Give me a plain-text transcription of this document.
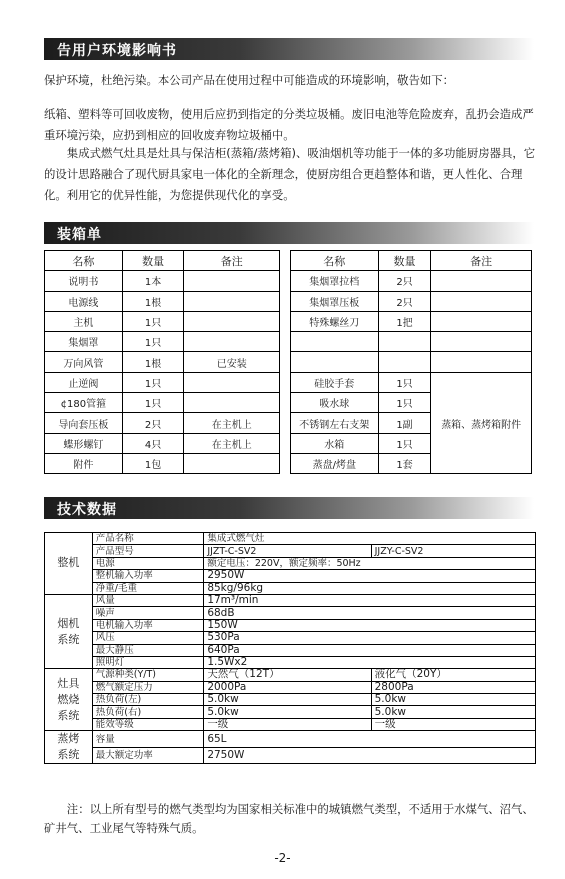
告用户环境影响书
保护环境，杜绝污染。本公司产品在使用过程中可能造成的环境影响，敬告如下：
纸箱、塑料等可回收废物，使用后应扔到指定的分类垃圾桶。废旧电池等危险废弃，乱扔会造成严重环境污染，应扔到相应的回收废弃物垃圾桶中。
集成式燃气灶具是灶具与保洁柜(蒸箱/蒸烤箱)、吸油烟机等功能于一体的多功能厨房器具，它的设计思路融合了现代厨具家电一体化的全新理念，使厨房组合更趋整体和谐，更人性化、合理化。利用它的优异性能，为您提供现代化的享受。
装箱单
名称	数量	备注
说明书	1本	
电源线	1根	
主机	1只	
集烟罩	1只	
万向风管	1根	已安装
止逆阀	1只	
¢180管箍	1只	
导向套压板	2只	在主机上
蝶形螺钉	4只	在主机上
附件	1包	
名称	数量	备注
集烟罩拉档	2只	
集烟罩压板	2只	
特殊螺丝刀	1把	

硅胶手套	1只	蒸箱、蒸烤箱附件
吸水球	1只	
不锈钢左右支架	1副	
水箱	1只	
蒸盘/烤盘	1套	
技术数据
整机	产品名称	集成式燃气灶	
	产品型号	JJZT-C-SV2	JJZY-C-SV2
	电源	额定电压：220V，额定频率：50Hz	
	整机输入功率	2950W	
	净重/毛重	85kg/96kg	
烟机
系统	风量	17m³/min	
	噪声	68dB	
	电机输入功率	150W	
	风压	530Pa	
	最大静压	640Pa	
	照明灯	1.5Wx2	
灶具
燃烧
系统	气源种类(Y/T)	天然气（12T）	液化气（20Y）
	燃气额定压力	2000Pa	2800Pa
	热负荷(左)	5.0kw	5.0kw
	热负荷(右)	5.0kw	5.0kw
	能效等级	一级	一级
蒸烤
系统	容量	65L	
	最大额定功率	2750W	
注：以上所有型号的燃气类型均为国家相关标准中的城镇燃气类型，不适用于水煤气、沼气、矿井气、工业尾气等特殊气质。
-2-
